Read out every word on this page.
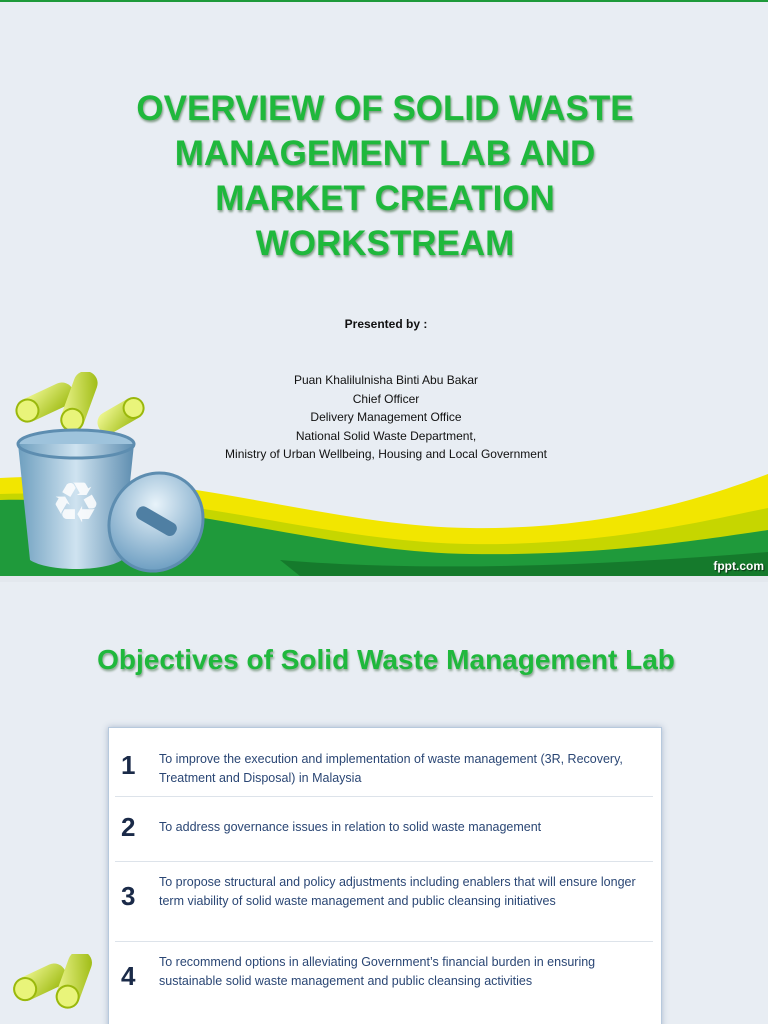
OVERVIEW OF SOLID WASTE
MANAGEMENT LAB AND
MARKET CREATION
WORKSTREAM
Presented by :
Puan Khalilulnisha Binti Abu Bakar
Chief Officer
Delivery Management Office
National Solid Waste Department,
Ministry of Urban Wellbeing, Housing and Local Government
♻
fppt.com
Objectives of Solid Waste Management Lab
1 To improve the execution and implementation of waste management (3R, Recovery, Treatment and Disposal) in Malaysia
2 To address governance issues in relation to solid waste management
3 To propose structural and policy adjustments including enablers that will ensure longer term viability of solid waste management and public cleansing initiatives
4 To recommend options in alleviating Government’s financial burden in ensuring sustainable solid waste management and public cleansing activities
